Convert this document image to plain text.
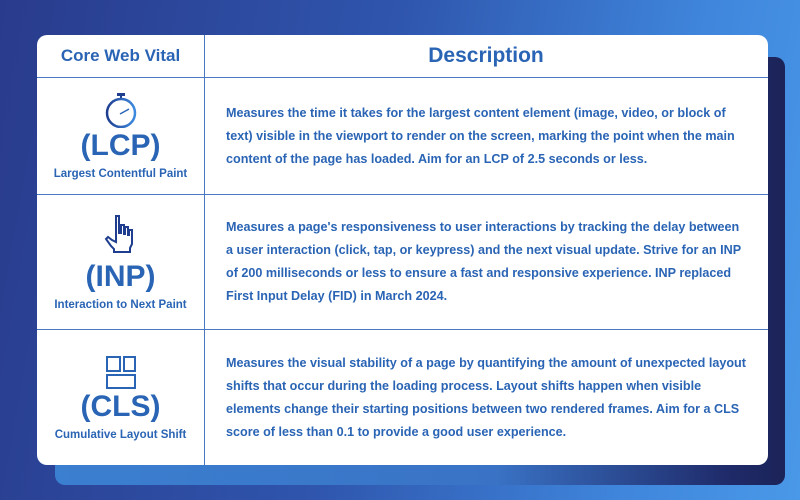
Core Web Vital	Description
(LCP)
Largest Contentful Paint
Measures the time it takes for the largest content element (image, video, or block of text) visible in the viewport to render on the screen, marking the point when the main content of the page has loaded. Aim for an LCP of 2.5 seconds or less.
(INP)
Interaction to Next Paint
Measures a page's responsiveness to user interactions by tracking the delay between a user interaction (click, tap, or keypress) and the next visual update. Strive for an INP of 200 milliseconds or less to ensure a fast and responsive experience. INP replaced First Input Delay (FID) in March 2024.
(CLS)
Cumulative Layout Shift
Measures the visual stability of a page by quantifying the amount of unexpected layout shifts that occur during the loading process. Layout shifts happen when visible elements change their starting positions between two rendered frames. Aim for a CLS score of less than 0.1 to provide a good user experience.
